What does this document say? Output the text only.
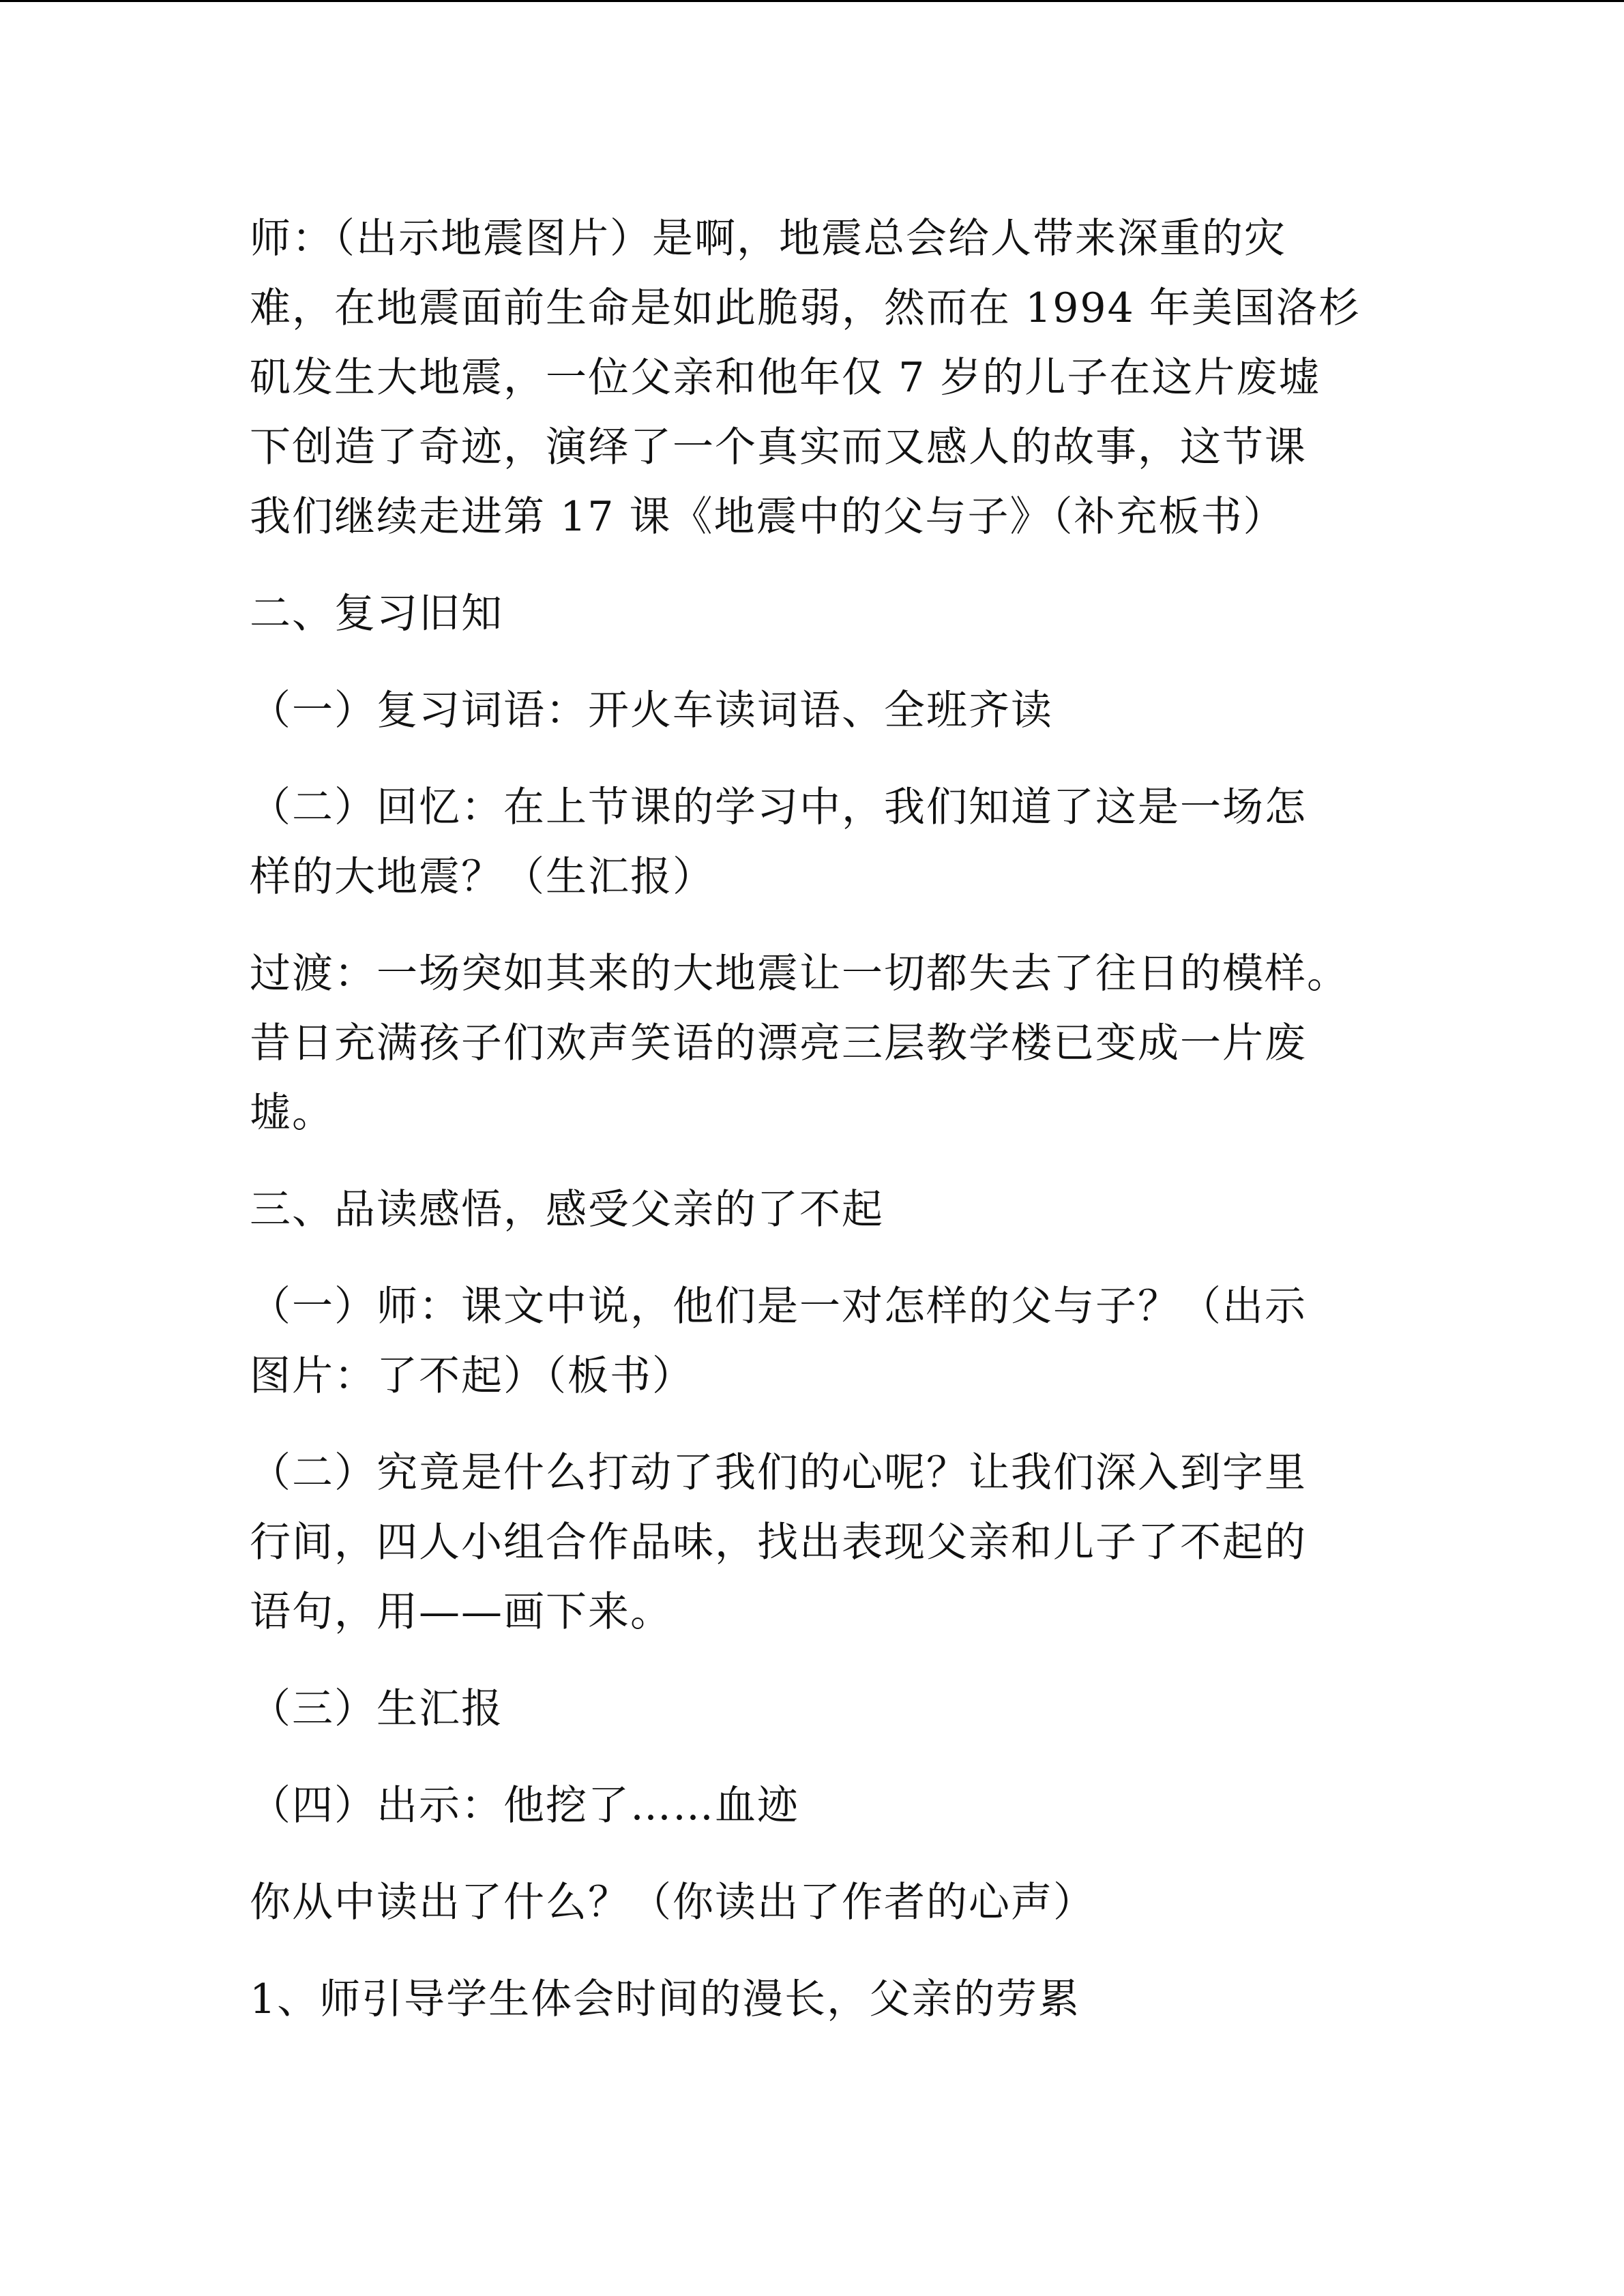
师：（出示地震图片）是啊，地震总会给人带来深重的灾
难，在地震面前生命是如此脆弱，然而在 1994 年美国洛杉
矶发生大地震，一位父亲和他年仅 7 岁的儿子在这片废墟
下创造了奇迹，演绎了一个真实而又感人的故事，这节课
我们继续走进第 17 课《地震中的父与子》（补充板书）
二、复习旧知
（一）复习词语：开火车读词语、全班齐读
（二）回忆：在上节课的学习中，我们知道了这是一场怎
样的大地震？（生汇报）
过渡：一场突如其来的大地震让一切都失去了往日的模样。
昔日充满孩子们欢声笑语的漂亮三层教学楼已变成一片废
墟。
三、品读感悟，感受父亲的了不起
（一）师：课文中说，他们是一对怎样的父与子？（出示
图片：了不起）（板书）
（二）究竟是什么打动了我们的心呢？让我们深入到字里
行间，四人小组合作品味，找出表现父亲和儿子了不起的
语句，用——画下来。
（三）生汇报
（四）出示：他挖了……血迹
你从中读出了什么？（你读出了作者的心声）
1、师引导学生体会时间的漫长，父亲的劳累
